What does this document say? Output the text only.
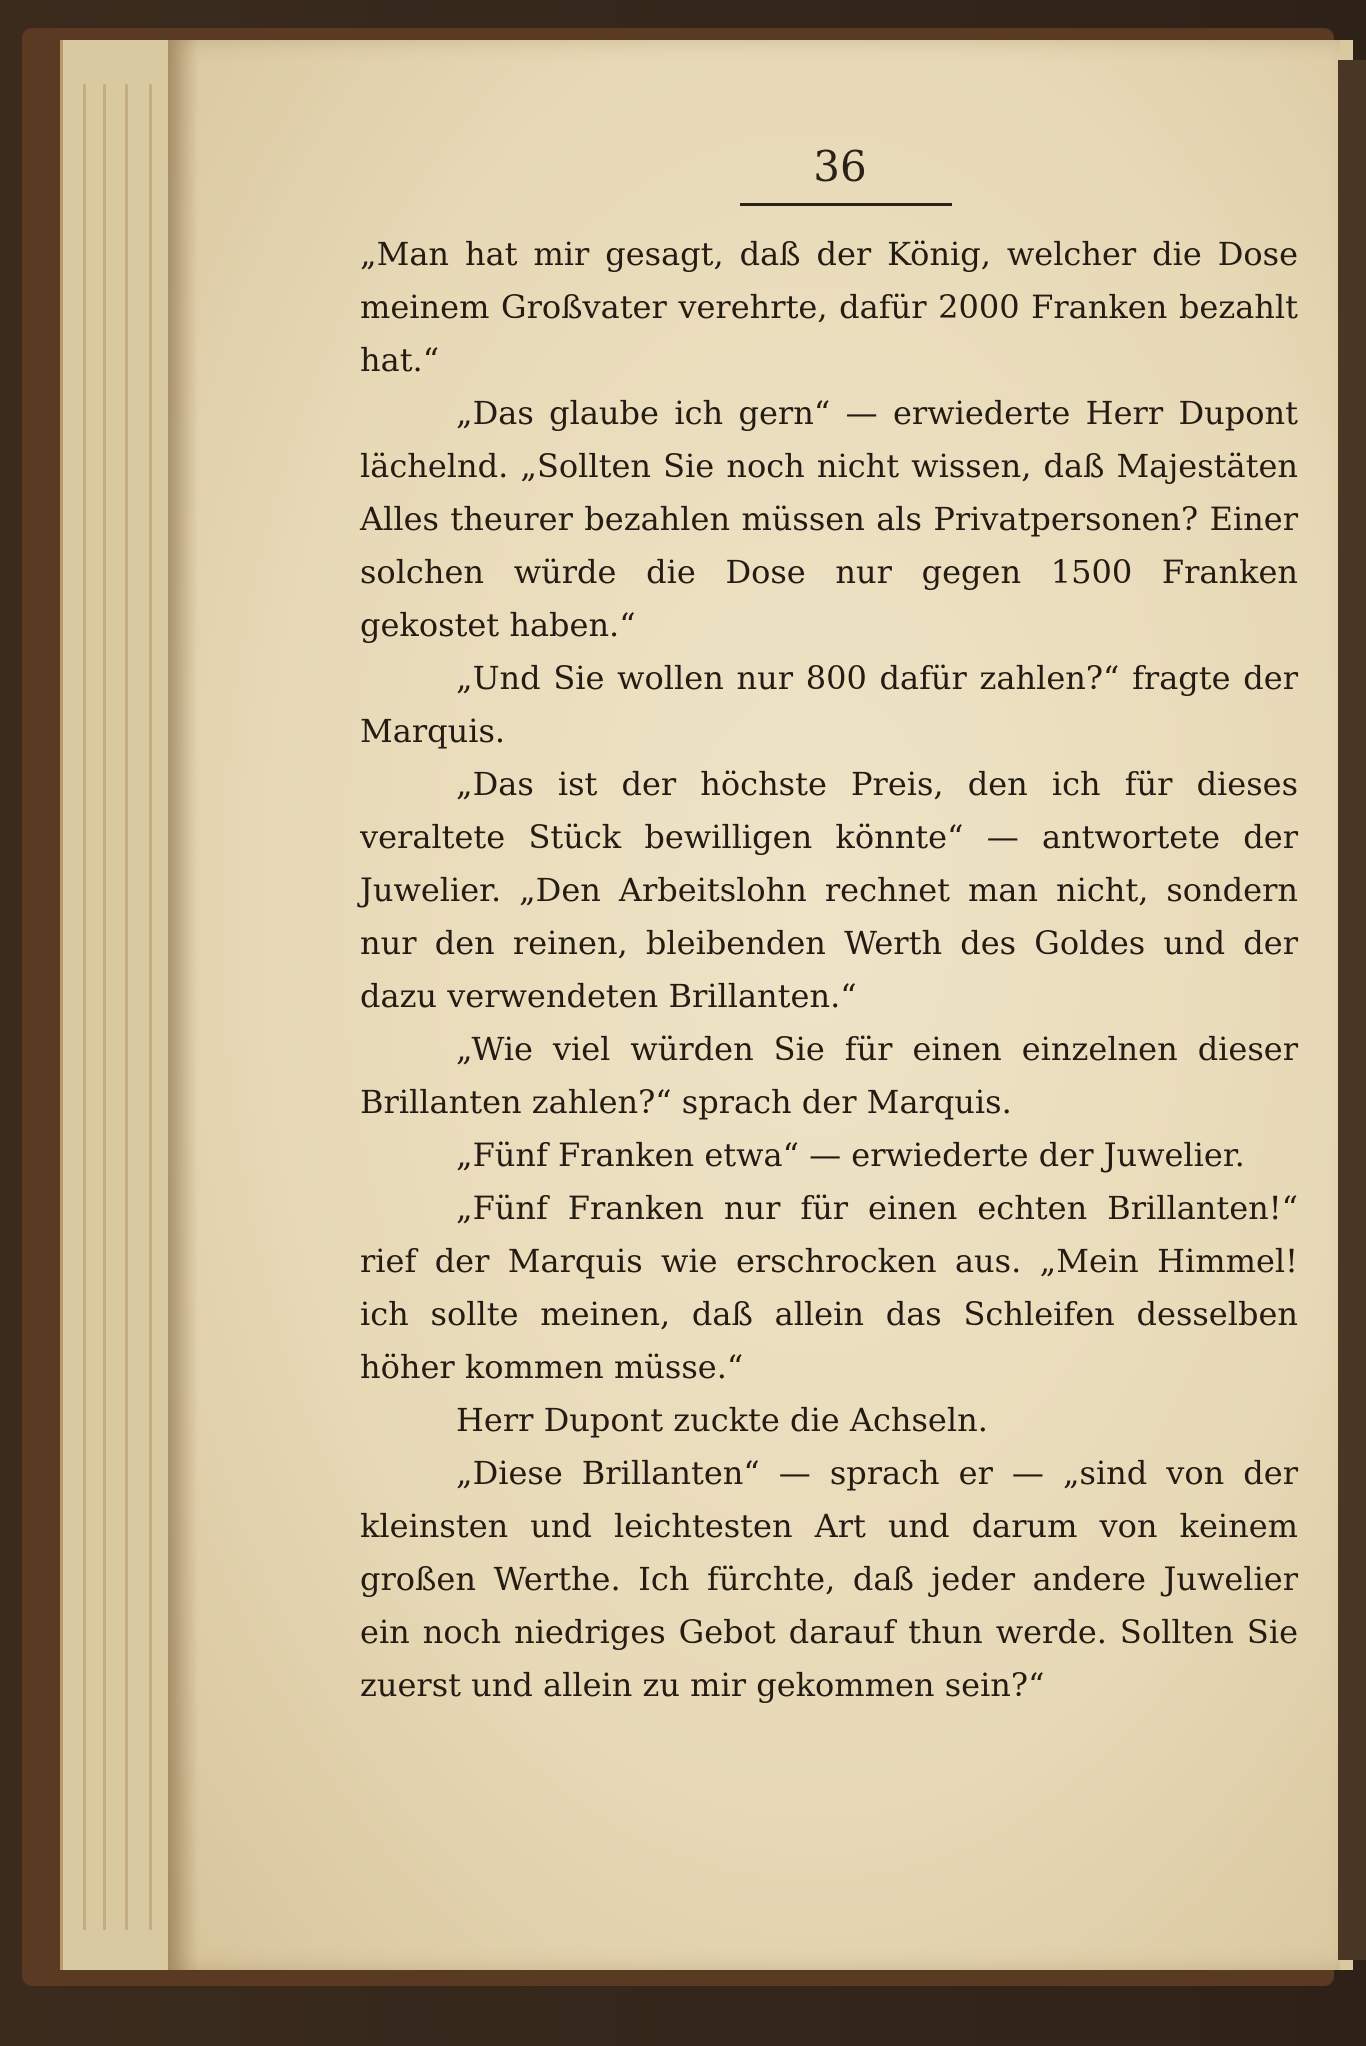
36

„Man hat mir gesagt, daß der König, welcher die Dose meinem Großvater verehrte, dafür 2000 Franken bezahlt hat.“

„Das glaube ich gern“ — erwiederte Herr Dupont lächelnd. „Sollten Sie noch nicht wissen, daß Majestäten Alles theurer bezahlen müssen als Privatpersonen? Einer solchen würde die Dose nur gegen 1500 Franken gekostet haben.“

„Und Sie wollen nur 800 dafür zahlen?“ fragte der Marquis.

„Das ist der höchste Preis, den ich für dieses veraltete Stück bewilligen könnte“ — antwortete der Juwelier. „Den Arbeitslohn rechnet man nicht, sondern nur den reinen, bleibenden Werth des Goldes und der dazu verwendeten Brillanten.“

„Wie viel würden Sie für einen einzelnen dieser Brillanten zahlen?“ sprach der Marquis.

„Fünf Franken etwa“ — erwiederte der Juwelier.

„Fünf Franken nur für einen echten Brillanten!“ rief der Marquis wie erschrocken aus. „Mein Himmel! ich sollte meinen, daß allein das Schleifen desselben höher kommen müsse.“

Herr Dupont zuckte die Achseln.

„Diese Brillanten“ — sprach er — „sind von der kleinsten und leichtesten Art und darum von keinem großen Werthe. Ich fürchte, daß jeder andere Juwelier ein noch niedriges Gebot darauf thun werde. Sollten Sie zuerst und allein zu mir gekommen sein?“
